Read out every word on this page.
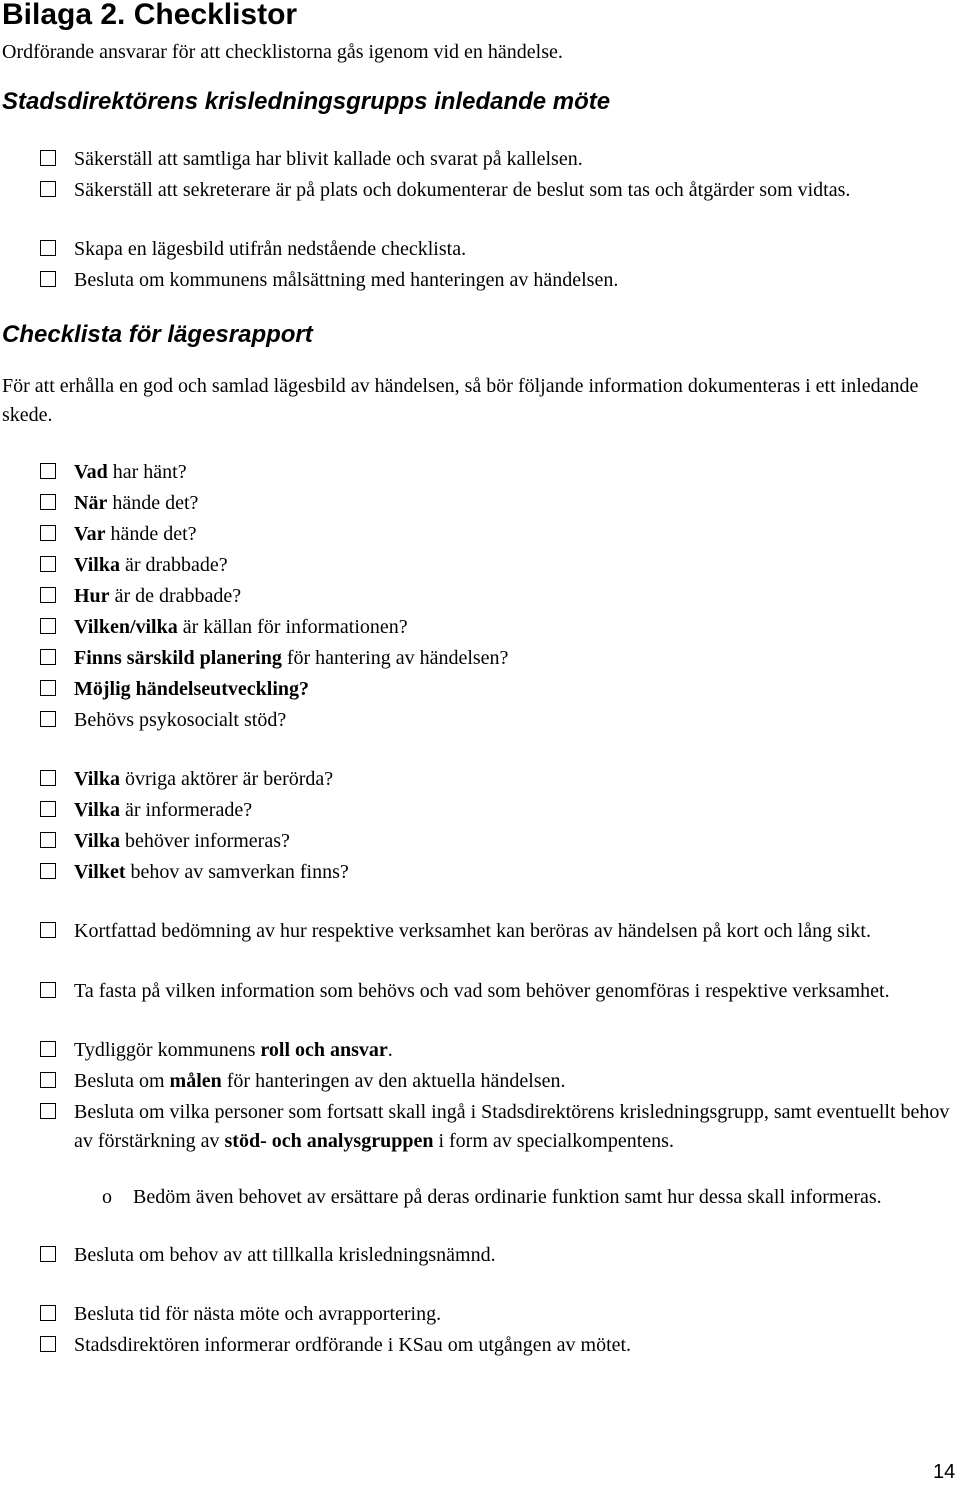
Bilaga 2. Checklistor

Ordförande ansvarar för att checklistorna gås igenom vid en händelse.

Stadsdirektörens krisledningsgrupps inledande möte

Säkerställ att samtliga har blivit kallade och svarat på kallelsen.

Säkerställ att sekreterare är på plats och dokumenterar de beslut som tas och åtgärder som vidtas.

Skapa en lägesbild utifrån nedstående checklista.

Besluta om kommunens målsättning med hanteringen av händelsen.

Checklista för lägesrapport

För att erhålla en god och samlad lägesbild av händelsen, så bör följande information dokumenteras i ett inledande skede.

Vad har hänt?

När hände det?

Var hände det?

Vilka är drabbade?

Hur är de drabbade?

Vilken/vilka är källan för informationen?

Finns särskild planering för hantering av händelsen?

Möjlig händelseutveckling?

Behövs psykosocialt stöd?

Vilka övriga aktörer är berörda?

Vilka är informerade?

Vilka behöver informeras?

Vilket behov av samverkan finns?

Kortfattad bedömning av hur respektive verksamhet kan beröras av händelsen på kort och lång sikt.

Ta fasta på vilken information som behövs och vad som behöver genomföras i respektive verksamhet.

Tydliggör kommunens roll och ansvar.

Besluta om målen för hanteringen av den aktuella händelsen.

Besluta om vilka personer som fortsatt skall ingå i Stadsdirektörens krisledningsgrupp, samt eventuellt behov av förstärkning av stöd- och analysgruppen i form av specialkompentens.

o Bedöm även behovet av ersättare på deras ordinarie funktion samt hur dessa skall informeras.

Besluta om behov av att tillkalla krisledningsnämnd.

Besluta tid för nästa möte och avrapportering.

Stadsdirektören informerar ordförande i KSau om utgången av mötet.

14
